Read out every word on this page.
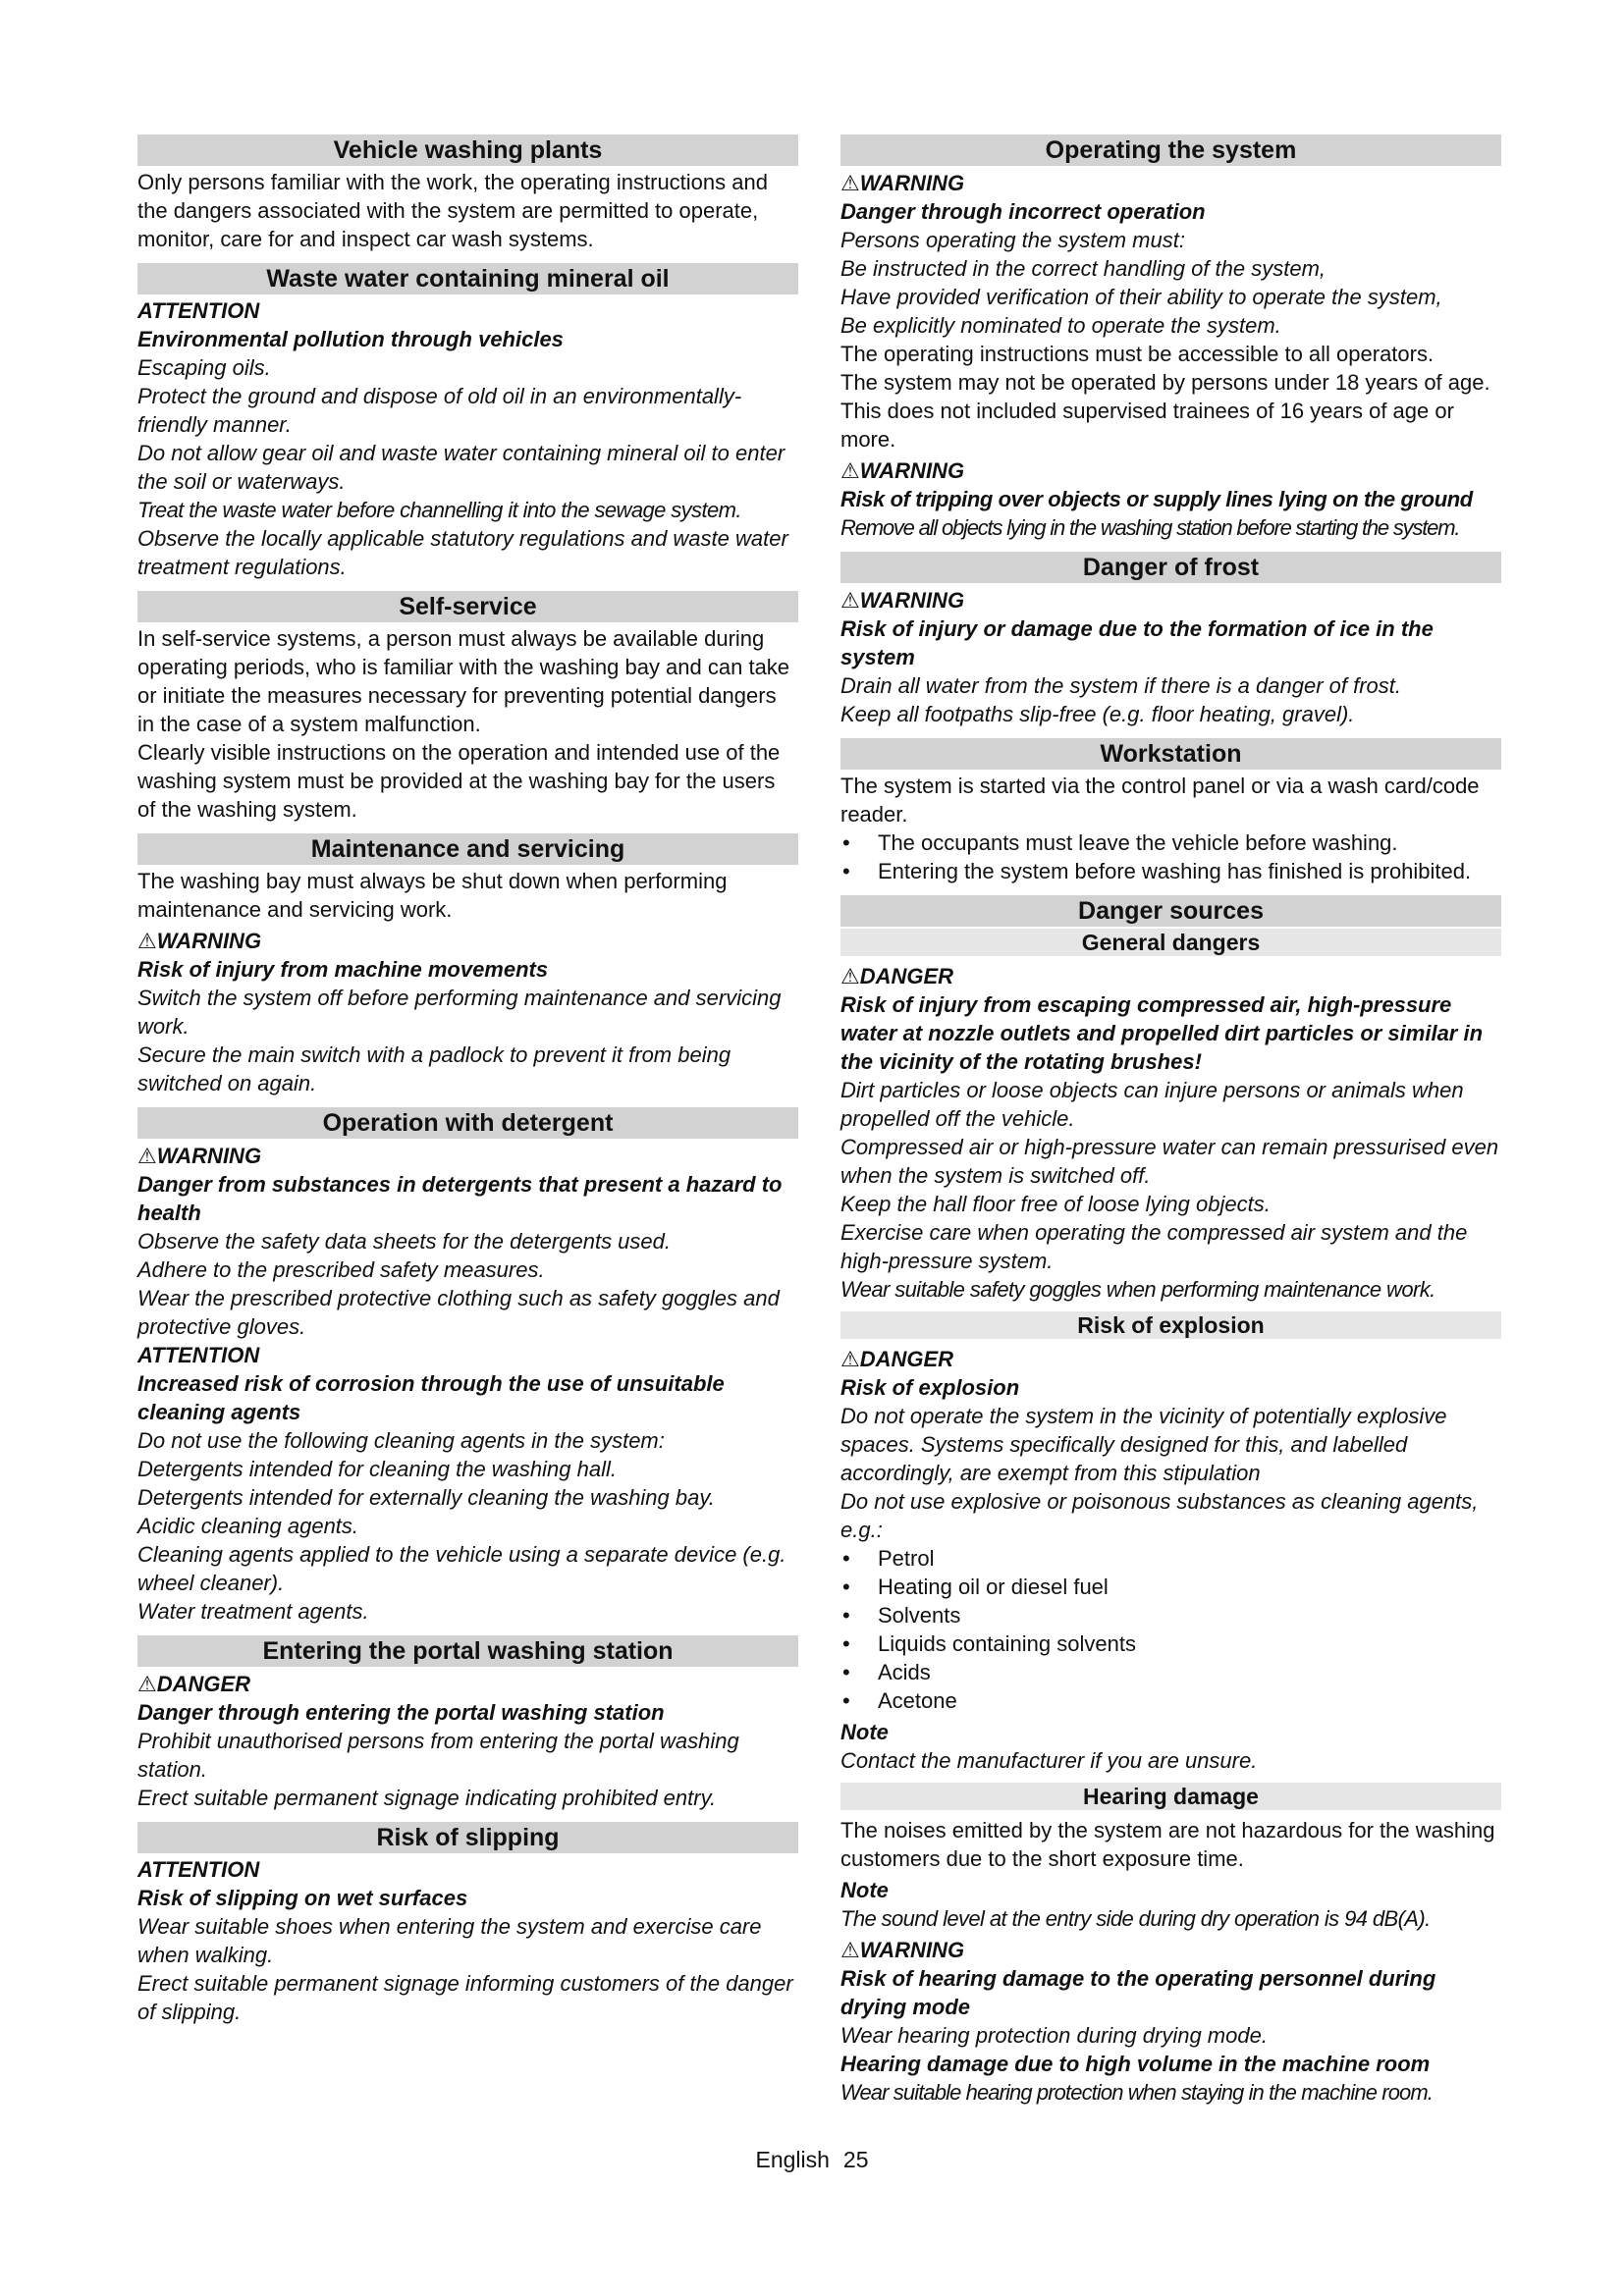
Vehicle washing plants

Only persons familiar with the work, the operating instructions and the dangers associated with the system are permitted to operate, monitor, care for and inspect car wash systems.

Waste water containing mineral oil

ATTENTION

Environmental pollution through vehicles

Escaping oils.

Protect the ground and dispose of old oil in an environmentally-friendly manner.

Do not allow gear oil and waste water containing mineral oil to enter the soil or waterways.

Treat the waste water before channelling it into the sewage system.

Observe the locally applicable statutory regulations and waste water treatment regulations.

Self-service

In self-service systems, a person must always be available during operating periods, who is familiar with the washing bay and can take or initiate the measures necessary for preventing potential dangers in the case of a system malfunction.

Clearly visible instructions on the operation and intended use of the washing system must be provided at the washing bay for the users of the washing system.

Maintenance and servicing

The washing bay must always be shut down when performing maintenance and servicing work.

⚠WARNING

Risk of injury from machine movements

Switch the system off before performing maintenance and servicing work.

Secure the main switch with a padlock to prevent it from being switched on again.

Operation with detergent

⚠WARNING

Danger from substances in detergents that present a hazard to health

Observe the safety data sheets for the detergents used.

Adhere to the prescribed safety measures.

Wear the prescribed protective clothing such as safety goggles and protective gloves.

ATTENTION

Increased risk of corrosion through the use of unsuitable cleaning agents

Do not use the following cleaning agents in the system:

Detergents intended for cleaning the washing hall.

Detergents intended for externally cleaning the washing bay.

Acidic cleaning agents.

Cleaning agents applied to the vehicle using a separate device (e.g. wheel cleaner).

Water treatment agents.

Entering the portal washing station

⚠DANGER

Danger through entering the portal washing station

Prohibit unauthorised persons from entering the portal washing station.

Erect suitable permanent signage indicating prohibited entry.

Risk of slipping

ATTENTION

Risk of slipping on wet surfaces

Wear suitable shoes when entering the system and exercise care when walking.

Erect suitable permanent signage informing customers of the danger of slipping.

Operating the system

⚠WARNING

Danger through incorrect operation

Persons operating the system must:

Be instructed in the correct handling of the system,

Have provided verification of their ability to operate the system,

Be explicitly nominated to operate the system.

The operating instructions must be accessible to all operators.

The system may not be operated by persons under 18 years of age. This does not included supervised trainees of 16 years of age or more.

⚠WARNING

Risk of tripping over objects or supply lines lying on the ground

Remove all objects lying in the washing station before starting the system.

Danger of frost

⚠WARNING

Risk of injury or damage due to the formation of ice in the system

Drain all water from the system if there is a danger of frost.

Keep all footpaths slip-free (e.g. floor heating, gravel).

Workstation

The system is started via the control panel or via a wash card/code reader.

• The occupants must leave the vehicle before washing.
• Entering the system before washing has finished is prohibited.
Danger sources
General dangers

⚠DANGER

Risk of injury from escaping compressed air, high-pressure water at nozzle outlets and propelled dirt particles or similar in the vicinity of the rotating brushes!

Dirt particles or loose objects can injure persons or animals when propelled off the vehicle.

Compressed air or high-pressure water can remain pressurised even when the system is switched off.

Keep the hall floor free of loose lying objects.

Exercise care when operating the compressed air system and the high-pressure system.

Wear suitable safety goggles when performing maintenance work.

Risk of explosion

⚠DANGER

Risk of explosion

Do not operate the system in the vicinity of potentially explosive spaces. Systems specifically designed for this, and labelled accordingly, are exempt from this stipulation

Do not use explosive or poisonous substances as cleaning agents, e.g.:

• Petrol
• Heating oil or diesel fuel
• Solvents
• Liquids containing solvents
• Acids
• Acetone

Note

Contact the manufacturer if you are unsure.

Hearing damage

The noises emitted by the system are not hazardous for the washing customers due to the short exposure time.

Note

The sound level at the entry side during dry operation is 94 dB(A).

⚠WARNING

Risk of hearing damage to the operating personnel during drying mode

Wear hearing protection during drying mode.

Hearing damage due to high volume in the machine room

Wear suitable hearing protection when staying in the machine room.

English 25
